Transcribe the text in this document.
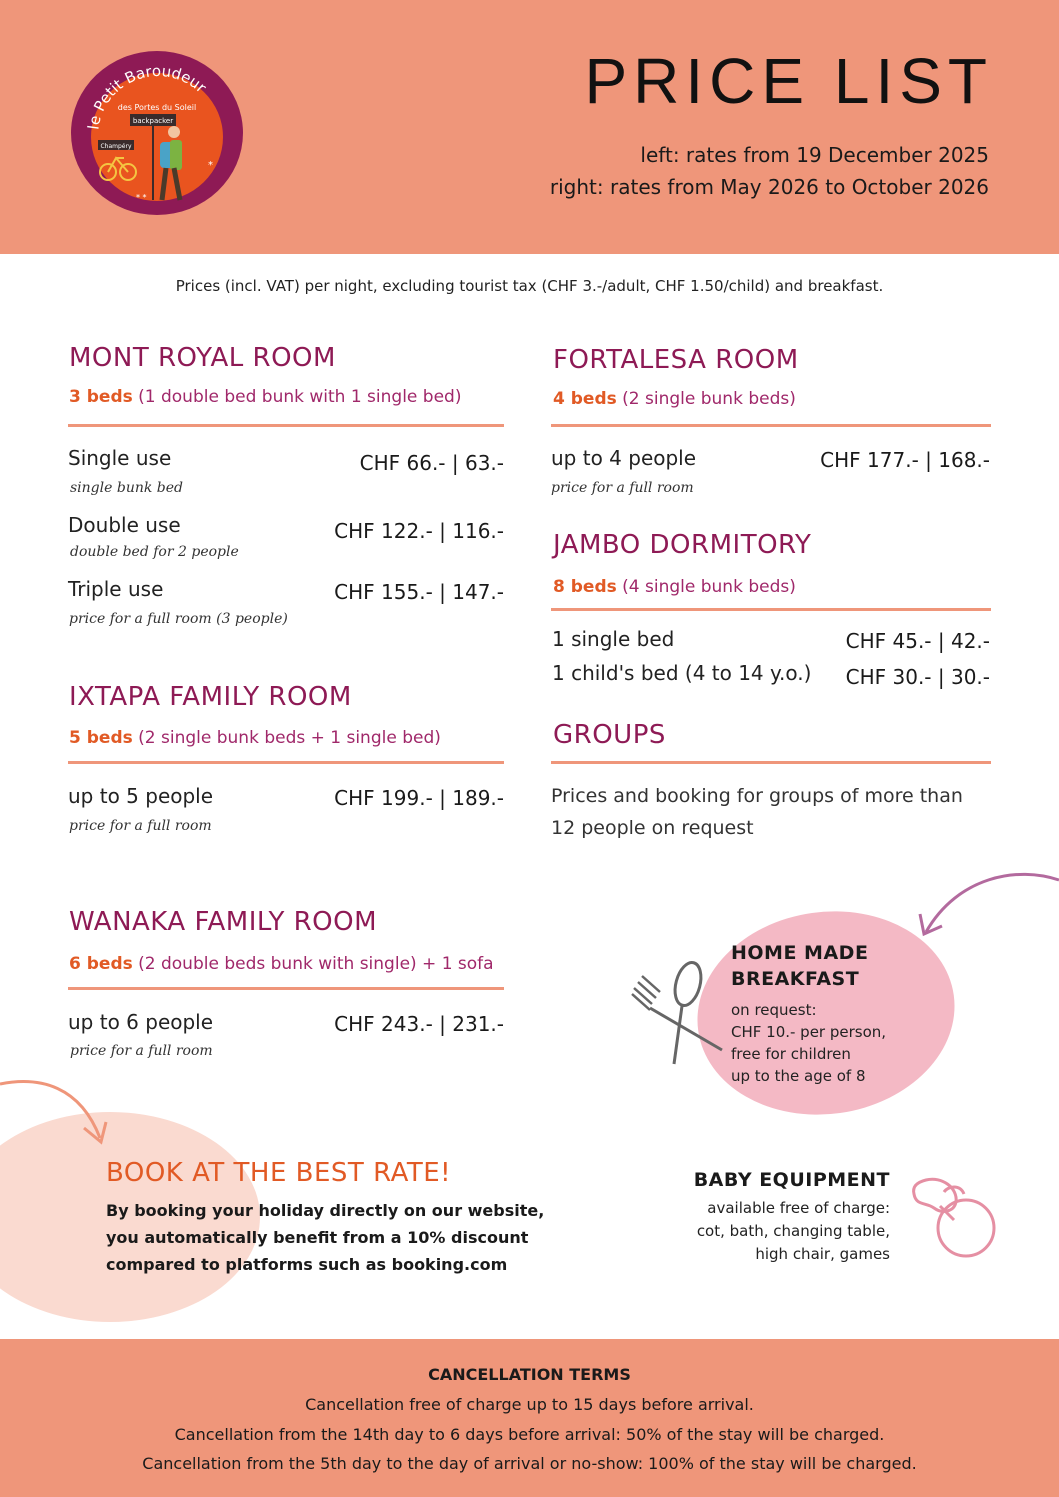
le Petit Baroudeur
des Portes du Soleil
backpacker
Champéry
*
* *
PRICE LIST
left: rates from 19 December 2025
right: rates from May 2026 to October 2026
Prices (incl. VAT) per night, excluding tourist tax (CHF 3.-/adult, CHF 1.50/child) and breakfast.
MONT ROYAL ROOM
3 beds (1 double bed bunk with 1 single bed)
Single use
single bunk bed
CHF 66.- | 63.-
Double use
double bed for 2 people
CHF 122.- | 116.-
Triple use
price for a full room (3 people)
CHF 155.- | 147.-
IXTAPA FAMILY ROOM
5 beds (2 single bunk beds + 1 single bed)
up to 5 people
price for a full room
CHF 199.- | 189.-
WANAKA FAMILY ROOM
6 beds (2 double beds bunk with single) + 1 sofa
up to 6 people
price for a full room
CHF 243.- | 231.-
FORTALESA ROOM
4 beds (2 single bunk beds)
up to 4 people
price for a full room
CHF 177.- | 168.-
JAMBO DORMITORY
8 beds (4 single bunk beds)
1 single bed	CHF 45.- | 42.-
1 child's bed (4 to 14 y.o.) CHF 30.- | 30.-
GROUPS
Prices and booking for groups of more than
12 people on request
HOME MADE
BREAKFAST
on request:
CHF 10.- per person,
free for children
up to the age of 8
BOOK AT THE BEST RATE!
By booking your holiday directly on our website,
you automatically benefit from a 10% discount
compared to platforms such as booking.com
BABY EQUIPMENT
available free of charge:
cot, bath, changing table,
high chair, games
CANCELLATION TERMS
Cancellation free of charge up to 15 days before arrival.
Cancellation from the 14th day to 6 days before arrival: 50% of the stay will be charged.
Cancellation from the 5th day to the day of arrival or no-show: 100% of the stay will be charged.
